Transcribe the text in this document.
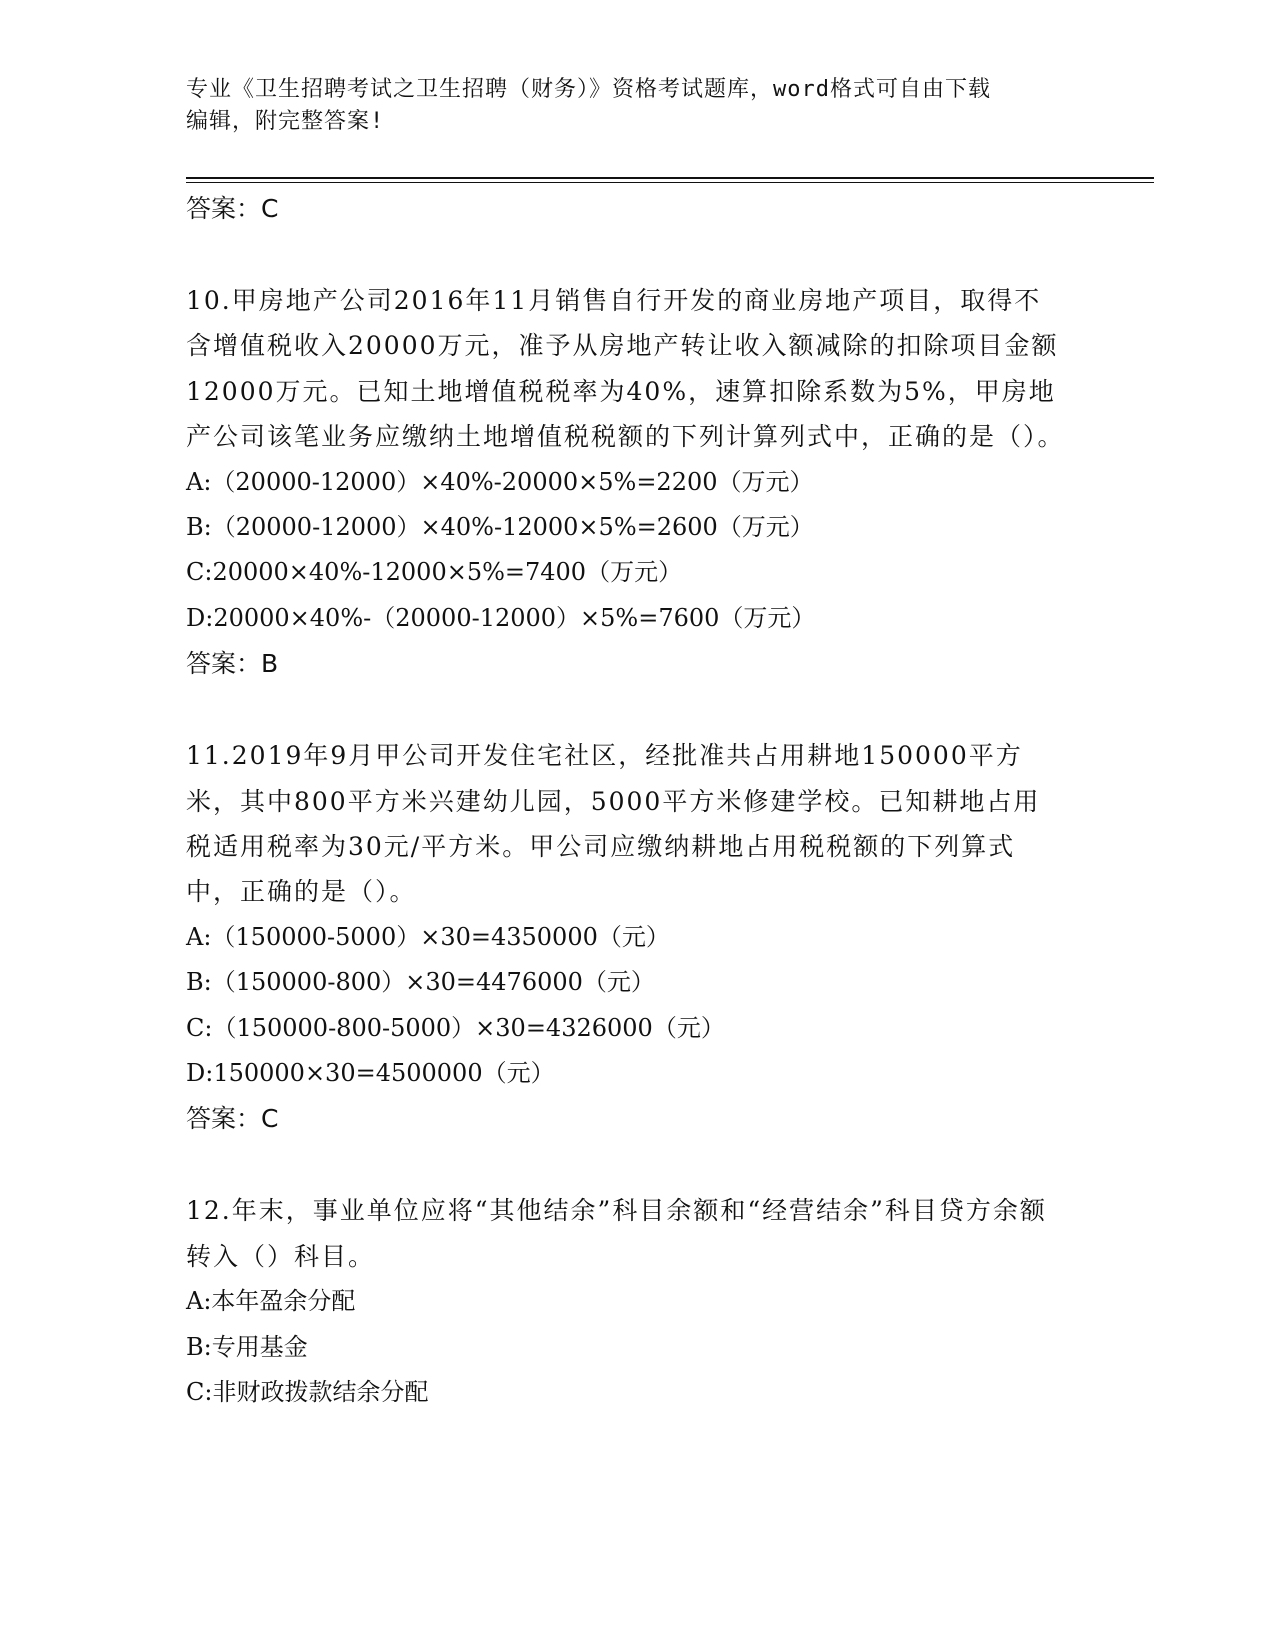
专业《卫生招聘考试之卫生招聘（财务）》资格考试题库，word格式可自由下载
编辑，附完整答案!
答案：C
10.甲房地产公司2016年11月销售自行开发的商业房地产项目，取得不含增值税收入20000万元，准予从房地产转让收入额减除的扣除项目金额12000万元。已知土地增值税税率为40%，速算扣除系数为5%，甲房地产公司该笔业务应缴纳土地增值税税额的下列计算列式中，正确的是（）。
A:（20000-12000）×40%-20000×5%=2200（万元）
B:（20000-12000）×40%-12000×5%=2600（万元）
C:20000×40%-12000×5%=7400（万元）
D:20000×40%-（20000-12000）×5%=7600（万元）
答案：B
11.2019年9月甲公司开发住宅社区，经批准共占用耕地150000平方米，其中800平方米兴建幼儿园，5000平方米修建学校。已知耕地占用税适用税率为30元/平方米。甲公司应缴纳耕地占用税税额的下列算式中，正确的是（）。
A:（150000-5000）×30=4350000（元）
B:（150000-800）×30=4476000（元）
C:（150000-800-5000）×30=4326000（元）
D:150000×30=4500000（元）
答案：C
12.年末，事业单位应将“其他结余”科目余额和“经营结余”科目贷方余额转入（）科目。
A:本年盈余分配
B:专用基金
C:非财政拨款结余分配
